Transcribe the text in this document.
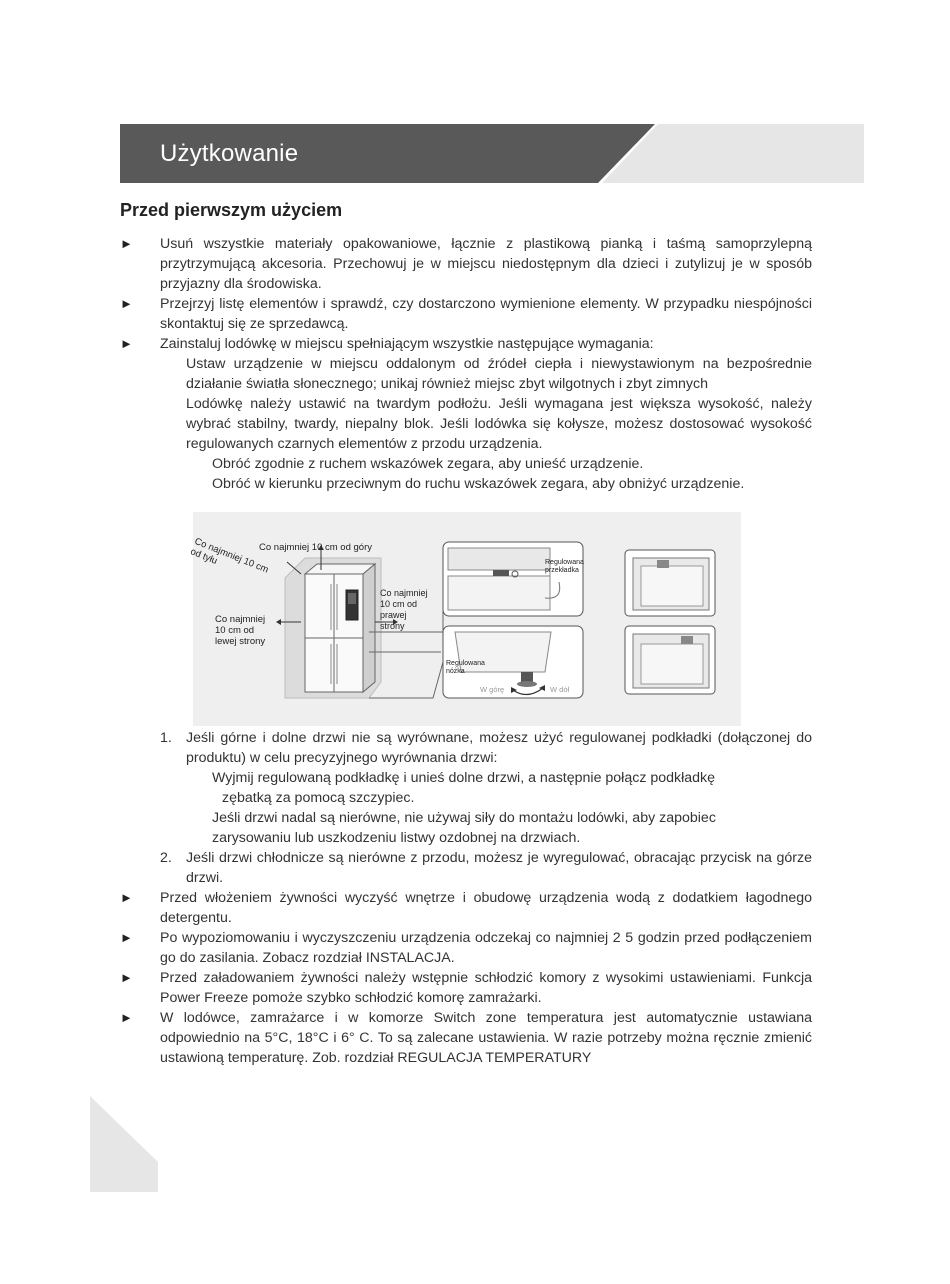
Użytkowanie
Przed pierwszym użyciem
► Usuń wszystkie materiały opakowaniowe, łącznie z plastikową pianką i taśmą samoprzylepną przytrzymującą akcesoria. Przechowuj je w miejscu niedostępnym dla dzieci i zutylizuj je w sposób przyjazny dla środowiska.
► Przejrzyj listę elementów i sprawdź, czy dostarczono wymienione elementy. W przypadku niespójności skontaktuj się ze sprzedawcą.
► Zainstaluj lodówkę w miejscu spełniającym wszystkie następujące wymagania:
Ustaw urządzenie w miejscu oddalonym od źródeł ciepła i niewystawionym na bezpośrednie działanie światła słonecznego; unikaj również miejsc zbyt wilgotnych i zbyt zimnych
Lodówkę należy ustawić na twardym podłożu. Jeśli wymagana jest większa wysokość, należy wybrać stabilny, twardy, niepalny blok. Jeśli lodówka się kołysze, możesz dostosować wysokość regulowanych czarnych elementów z przodu urządzenia.
Obróć zgodnie z ruchem wskazówek zegara, aby unieść urządzenie.
Obróć w kierunku przeciwnym do ruchu wskazówek zegara, aby obniżyć urządzenie.
Co najmniej 10 cm od tyłu	Co najmniej 10 cm od góry
Co najmniej
10 cm od
lewej strony
Co najmniej
10 cm od
prawej
strony
Regulowana
przekładka
Regulowana
nóżka
W górę	W dół
1. Jeśli górne i dolne drzwi nie są wyrównane, możesz użyć regulowanej podkładki (dołączonej do produktu) w celu precyzyjnego wyrównania drzwi:
Wyjmij regulowaną podkładkę i unieś dolne drzwi, a następnie połącz podkładkę
zębatką za pomocą szczypiec.
Jeśli drzwi nadal są nierówne, nie używaj siły do montażu lodówki, aby zapobiec
zarysowaniu lub uszkodzeniu listwy ozdobnej na drzwiach.
2. Jeśli drzwi chłodnicze są nierówne z przodu, możesz je wyregulować, obracając przycisk na górze drzwi.
► Przed włożeniem żywności wyczyść wnętrze i obudowę urządzenia wodą z dodatkiem łagodnego detergentu.
► Po wypoziomowaniu i wyczyszczeniu urządzenia odczekaj co najmniej 2 5 godzin przed podłączeniem go do zasilania. Zobacz rozdział INSTALACJA.
► Przed załadowaniem żywności należy wstępnie schłodzić komory z wysokimi ustawieniami. Funkcja Power Freeze pomoże szybko schłodzić komorę zamrażarki.
► W lodówce, zamrażarce i w komorze Switch zone temperatura jest automatycznie ustawiana odpowiednio na 5°C, 18°C i 6° C. To są zalecane ustawienia. W razie potrzeby można ręcznie zmienić ustawioną temperaturę. Zob. rozdział REGULACJA TEMPERATURY
